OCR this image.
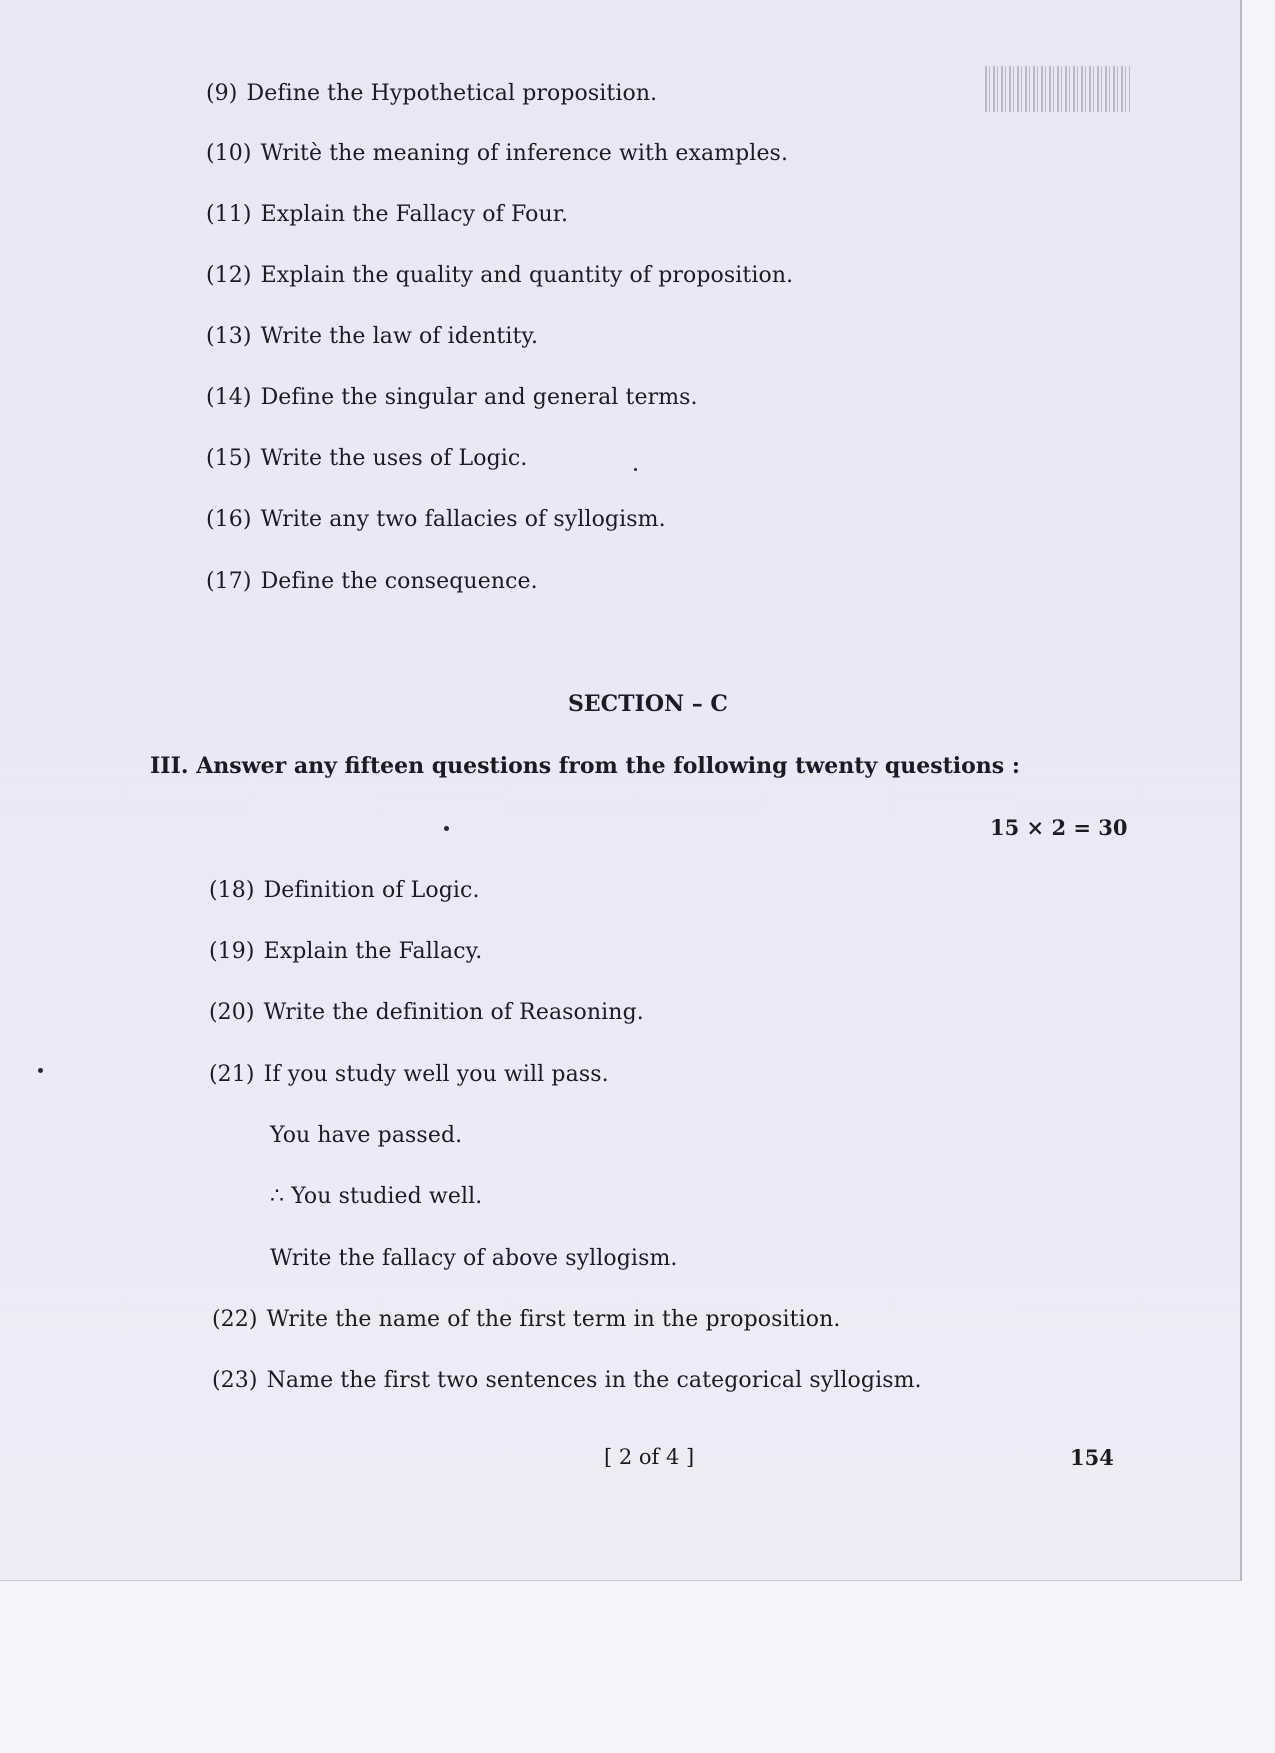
(9) Define the Hypothetical proposition.
(10) Writè the meaning of inference with examples.
(11) Explain the Fallacy of Four.
(12) Explain the quality and quantity of proposition.
(13) Write the law of identity.
(14) Define the singular and general terms.
(15) Write the uses of Logic.
(16) Write any two fallacies of syllogism.
(17) Define the consequence.
SECTION – C
III. Answer any fifteen questions from the following twenty questions :
15 × 2 = 30
(18) Definition of Logic.
(19) Explain the Fallacy.
(20) Write the definition of Reasoning.
(21) If you study well you will pass.
You have passed.
∴ You studied well.
Write the fallacy of above syllogism.
(22) Write the name of the first term in the proposition.
(23) Name the first two sentences in the categorical syllogism.
[ 2 of 4 ]	154
